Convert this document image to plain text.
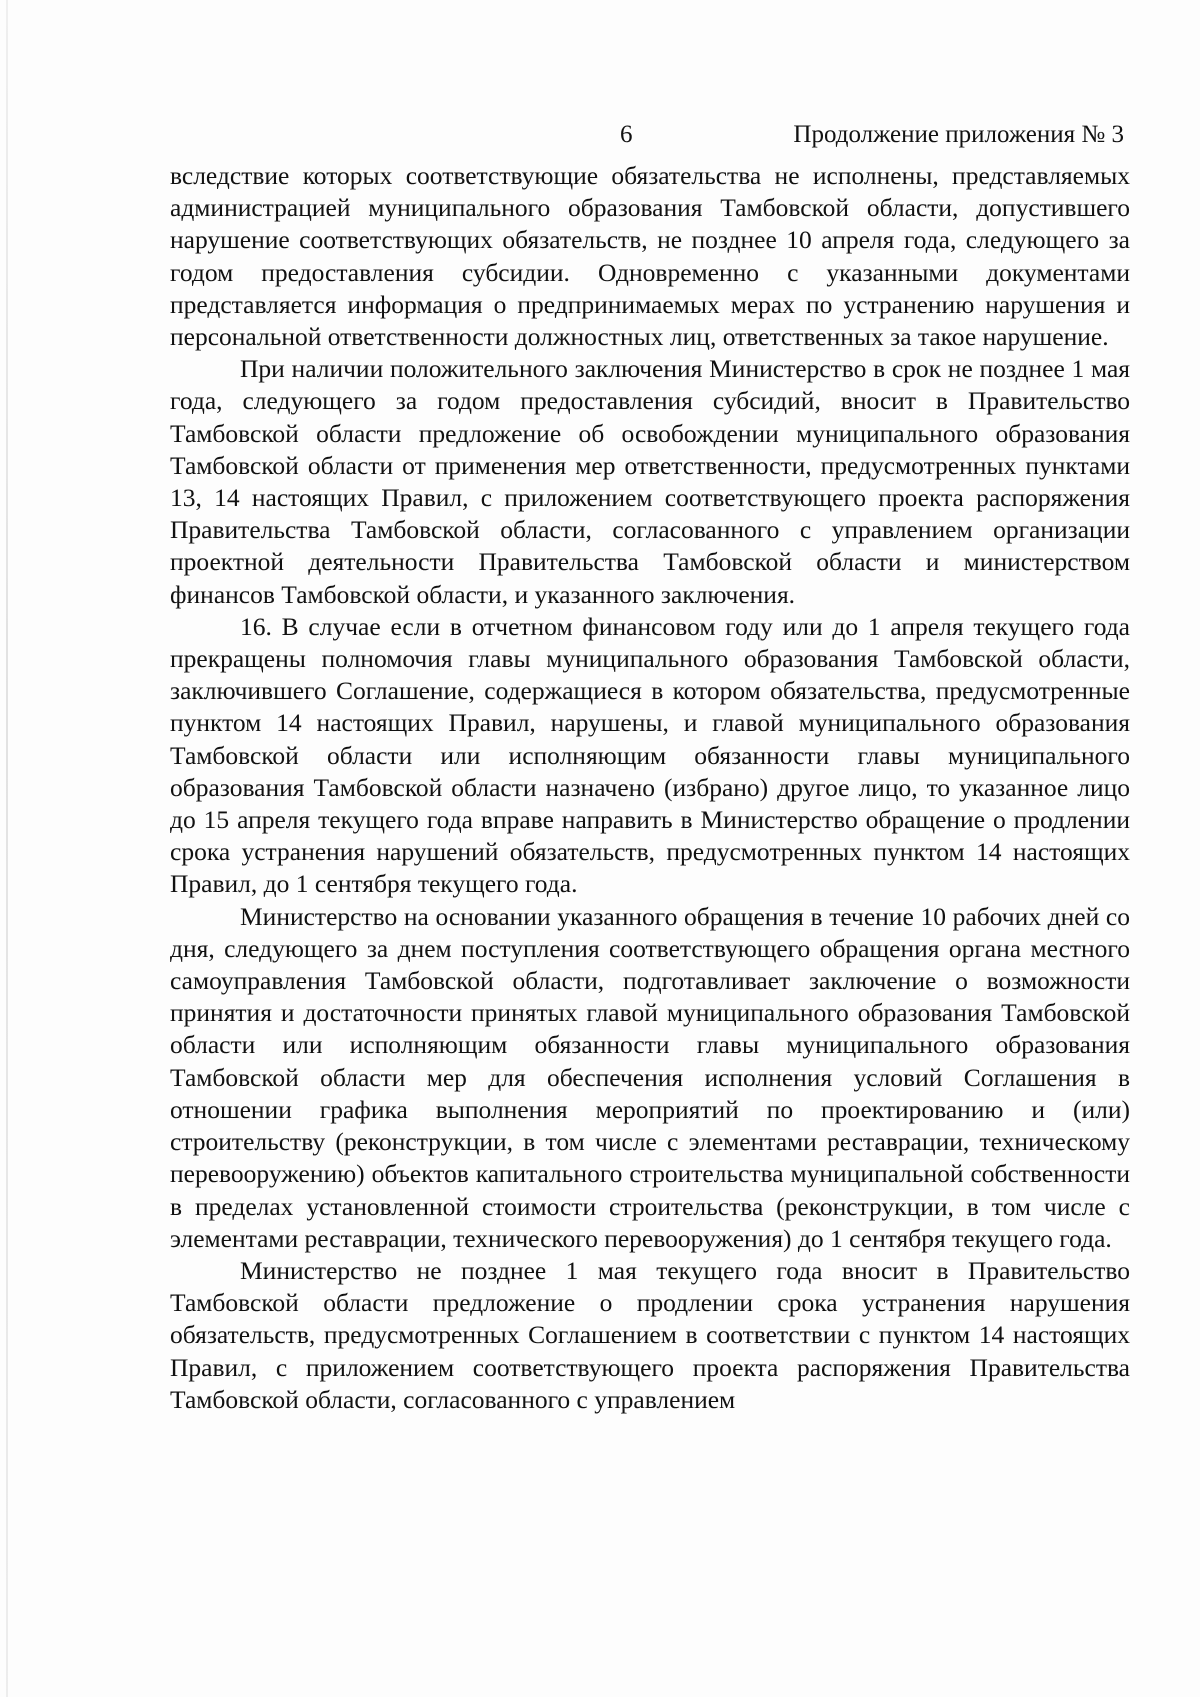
6	Продолжение приложения № 3

вследствие которых соответствующие обязательства не исполнены, представляемых администрацией муниципального образования Тамбовской области, допустившего нарушение соответствующих обязательств, не позднее 10 апреля года, следующего за годом предоставления субсидии. Одновременно с указанными документами представляется информация о предпринимаемых мерах по устранению нарушения и персональной ответственности должностных лиц, ответственных за такое нарушение.

При наличии положительного заключения Министерство в срок не позднее 1 мая года, следующего за годом предоставления субсидий, вносит в Правительство Тамбовской области предложение об освобождении муниципального образования Тамбовской области от применения мер ответственности, предусмотренных пунктами 13, 14 настоящих Правил, с приложением соответствующего проекта распоряжения Правительства Тамбовской области, согласованного с управлением организации проектной деятельности Правительства Тамбовской области и министерством финансов Тамбовской области, и указанного заключения.

16. В случае если в отчетном финансовом году или до 1 апреля текущего года прекращены полномочия главы муниципального образования Тамбовской области, заключившего Соглашение, содержащиеся в котором обязательства, предусмотренные пунктом 14 настоящих Правил, нарушены, и главой муниципального образования Тамбовской области или исполняющим обязанности главы муниципального образования Тамбовской области назначено (избрано) другое лицо, то указанное лицо до 15 апреля текущего года вправе направить в Министерство обращение о продлении срока устранения нарушений обязательств, предусмотренных пунктом 14 настоящих Правил, до 1 сентября текущего года.

Министерство на основании указанного обращения в течение 10 рабочих дней со дня, следующего за днем поступления соответствующего обращения органа местного самоуправления Тамбовской области, подготавливает заключение о возможности принятия и достаточности принятых главой муниципального образования Тамбовской области или исполняющим обязанности главы муниципального образования Тамбовской области мер для обеспечения исполнения условий Соглашения в отношении графика выполнения мероприятий по проектированию и (или) строительству (реконструкции, в том числе с элементами реставрации, техническому перевооружению) объектов капитального строительства муниципальной собственности в пределах установленной стоимости строительства (реконструкции, в том числе с элементами реставрации, технического перевооружения) до 1 сентября текущего года.

Министерство не позднее 1 мая текущего года вносит в Правительство Тамбовской области предложение о продлении срока устранения нарушения обязательств, предусмотренных Соглашением в соответствии с пунктом 14 настоящих Правил, с приложением соответствующего проекта распоряжения Правительства Тамбовской области, согласованного с управлением
